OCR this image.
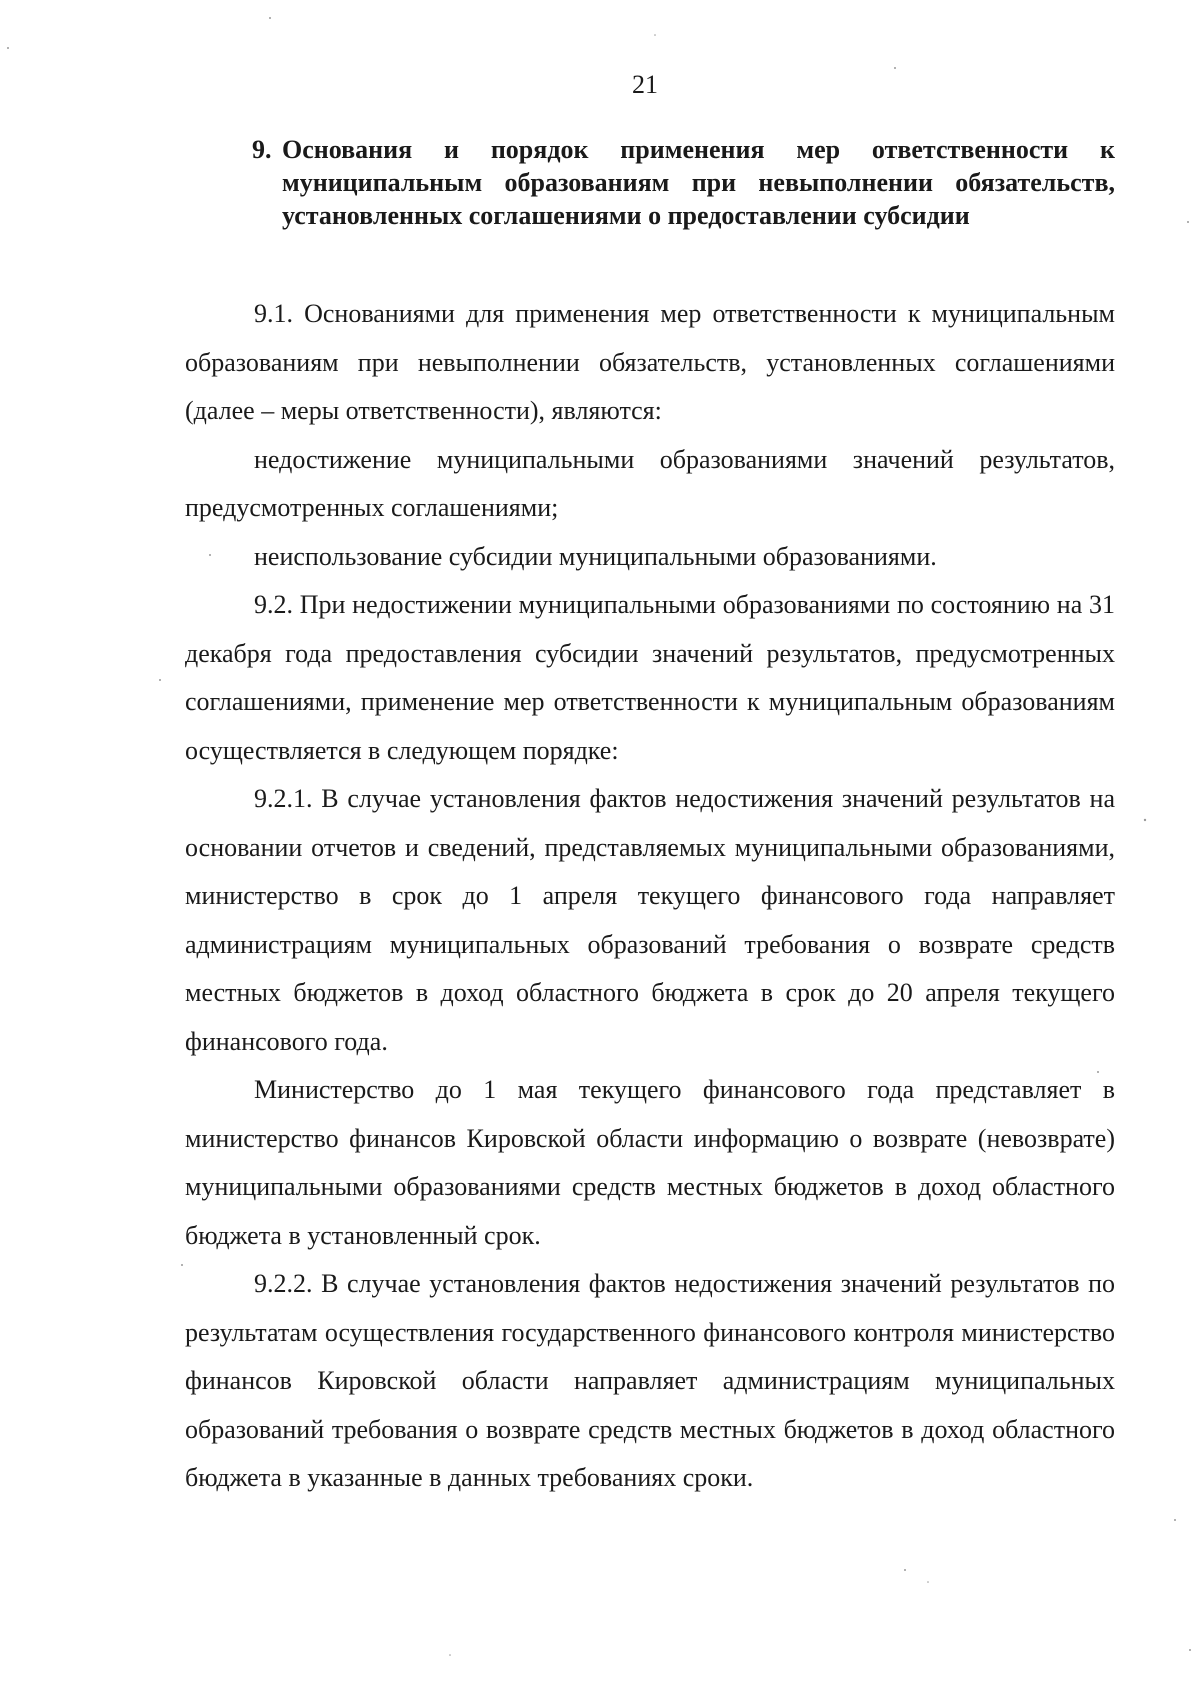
21
9. Основания и порядок применения мер ответственности к муниципальным образованиям при невыполнении обязательств, установленных соглашениями о предоставлении субсидии

9.1. Основаниями для применения мер ответственности к муниципальным образованиям при невыполнении обязательств, установленных соглашениями (далее – меры ответственности), являются:

недостижение муниципальными образованиями значений результатов, предусмотренных соглашениями;

неиспользование субсидии муниципальными образованиями.

9.2. При недостижении муниципальными образованиями по состоянию на 31 декабря года предоставления субсидии значений результатов, предусмотренных соглашениями, применение мер ответственности к муниципальным образованиям осуществляется в следующем порядке:

9.2.1. В случае установления фактов недостижения значений результатов на основании отчетов и сведений, представляемых муниципальными образованиями, министерство в срок до 1 апреля текущего финансового года направляет администрациям муниципальных образований требования о возврате средств местных бюджетов в доход областного бюджета в срок до 20 апреля текущего финансового года.

Министерство до 1 мая текущего финансового года представляет в министерство финансов Кировской области информацию о возврате (невозврате) муниципальными образованиями средств местных бюджетов в доход областного бюджета в установленный срок.

9.2.2. В случае установления фактов недостижения значений результатов по результатам осуществления государственного финансового контроля министерство финансов Кировской области направляет администрациям муниципальных образований требования о возврате средств местных бюджетов в доход областного бюджета в указанные в данных требованиях сроки.
